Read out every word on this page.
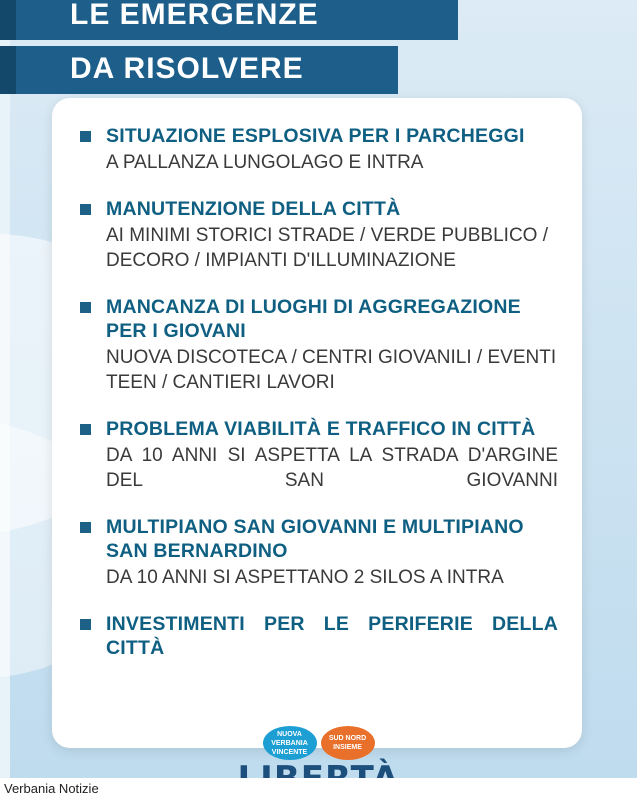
LE EMERGENZE
DA RISOLVERE

SITUAZIONE ESPLOSIVA PER I PARCHEGGI

A PALLANZA LUNGOLAGO E INTRA

MANUTENZIONE DELLA CITTÀ

AI MINIMI STORICI STRADE / VERDE PUBBLICO / DECORO / IMPIANTI D'ILLUMINAZIONE

MANCANZA DI LUOGHI DI AGGREGAZIONE PER I GIOVANI

NUOVA DISCOTECA / CENTRI GIOVANILI / EVENTI TEEN / CANTIERI LAVORI

PROBLEMA VIABILITÀ E TRAFFICO IN CITTÀ

DA 10 ANNI SI ASPETTA LA STRADA D'ARGINE DEL SAN GIOVANNI

MULTIPIANO SAN GIOVANNI E MULTIPIANO SAN BERNARDINO

DA 10 ANNI SI ASPETTANO 2 SILOS A INTRA

INVESTIMENTI PER LE PERIFERIE DELLA CITTÀ

NUOVA VERBANIA VINCENTE
SUD NORD INSIEME
Verbania Notizie
